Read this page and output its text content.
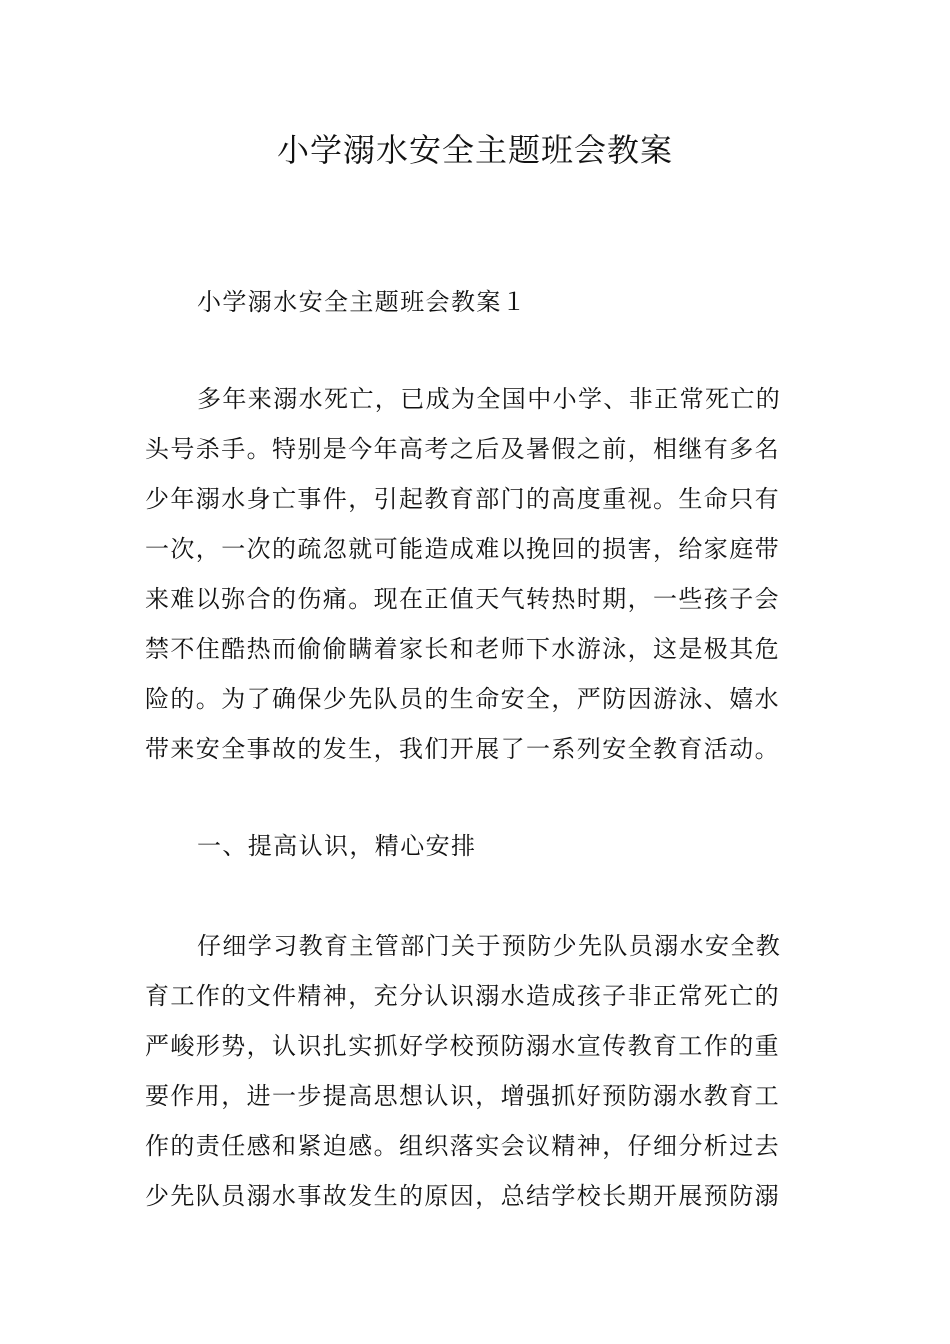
小学溺水安全主题班会教案

小学溺水安全主题班会教案１

多年来溺水死亡，已成为全国中小学、非正常死亡的

头号杀手。特别是今年高考之后及暑假之前，相继有多名

少年溺水身亡事件，引起教育部门的高度重视。生命只有

一次，一次的疏忽就可能造成难以挽回的损害，给家庭带

来难以弥合的伤痛。现在正值天气转热时期，一些孩子会

禁不住酷热而偷偷瞒着家长和老师下水游泳，这是极其危

险的。为了确保少先队员的生命安全，严防因游泳、嬉水

带来安全事故的发生，我们开展了一系列安全教育活动。

一、提高认识，精心安排

仔细学习教育主管部门关于预防少先队员溺水安全教

育工作的文件精神，充分认识溺水造成孩子非正常死亡的

严峻形势，认识扎实抓好学校预防溺水宣传教育工作的重

要作用，进一步提高思想认识，增强抓好预防溺水教育工

作的责任感和紧迫感。组织落实会议精神，仔细分析过去

少先队员溺水事故发生的原因，总结学校长期开展预防溺
